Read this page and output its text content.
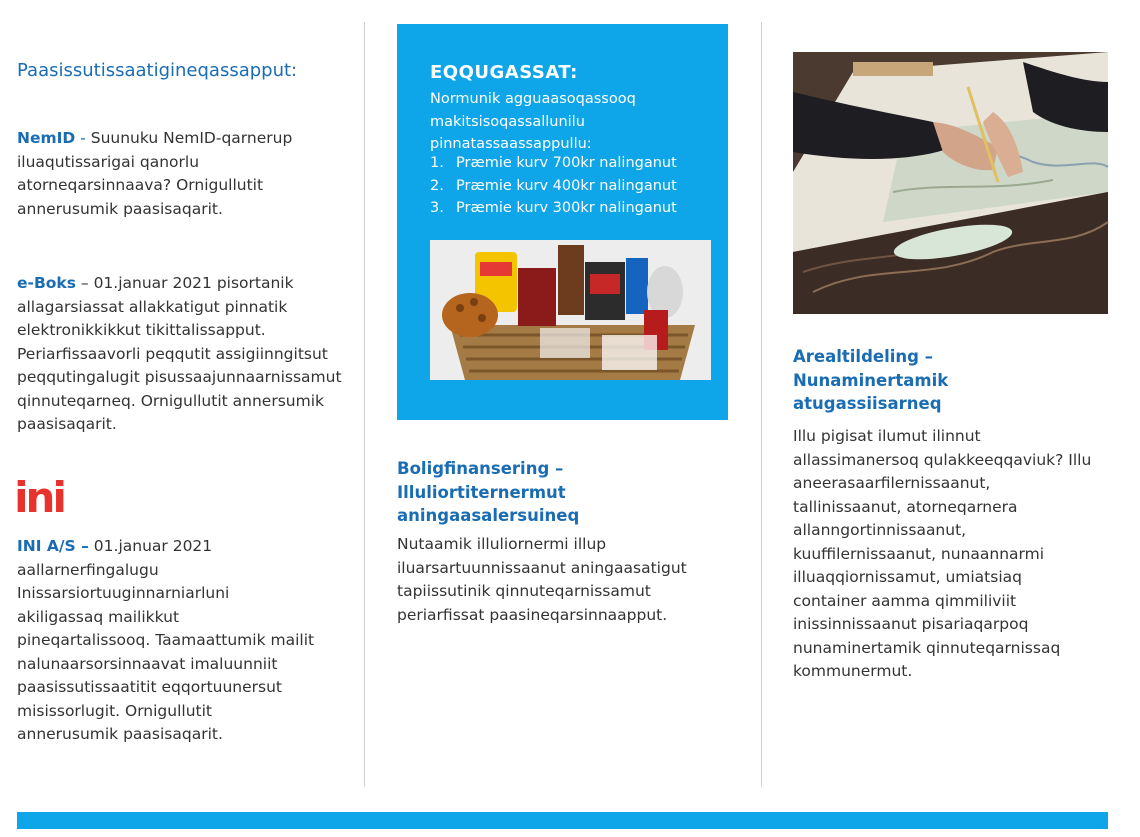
Paasissutissaatigineqassapput:

NemID - Suunuku NemID-qarnerup iluaqutissarigai qanorlu atorneqarsinnaava? Ornigullutit annerusumik paasisaqarit.

e-Boks – 01.januar 2021 pisortanik allagarsiassat allakkatigut pinnatik elektronikkikkut tikittalissapput. Periarfissaavorli peqqutit assigiinngitsut peqqutingalugit pisussaajunnaarnissamut qinnuteqarneq. Ornigullutit annersumik paasisaqarit.

ini

INI A/S – 01.januar 2021 aallarnerfingalugu Inissarsiortuuginnarniarluni akiligassaq mailikkut pineqartalissooq. Taamaattumik mailit nalunaarsorsinnaavat imaluunniit paasissutissaatitit eqqortuunersut misissorlugit. Ornigullutit annerusumik paasisaqarit.

EQQUGASSAT:
Normunik agguaasoqassooq makitsisoqassallunilu pinnatassaassappullu:
1. Præmie kurv 700kr nalinganut
2. Præmie kurv 400kr nalinganut
3. Præmie kurv 300kr nalinganut

Boligfinansering –

Illuliortiternermut

aningaasalersuineq

Nutaamik illuliornermi illup iluarsartuunnissaanut aningaasatigut tapiissutinik qinnuteqarnissamut periarfissat paasineqarsinnaapput.

Arealtildeling –

Nunaminertamik

atugassiisarneq

Illu pigisat ilumut ilinnut allassimanersoq qulakkeeqqaviuk? Illu aneerasaarfilernissaanut, tallinissaanut, atorneqarnera allanngortinnissaanut, kuuffilernissaanut, nunaannarmi illuaqqiornissamut, umiatsiaq container aamma qimmiliviit inissinnissaanut pisariaqarpoq nunaminertamik qinnuteqarnissaq kommunermut.
